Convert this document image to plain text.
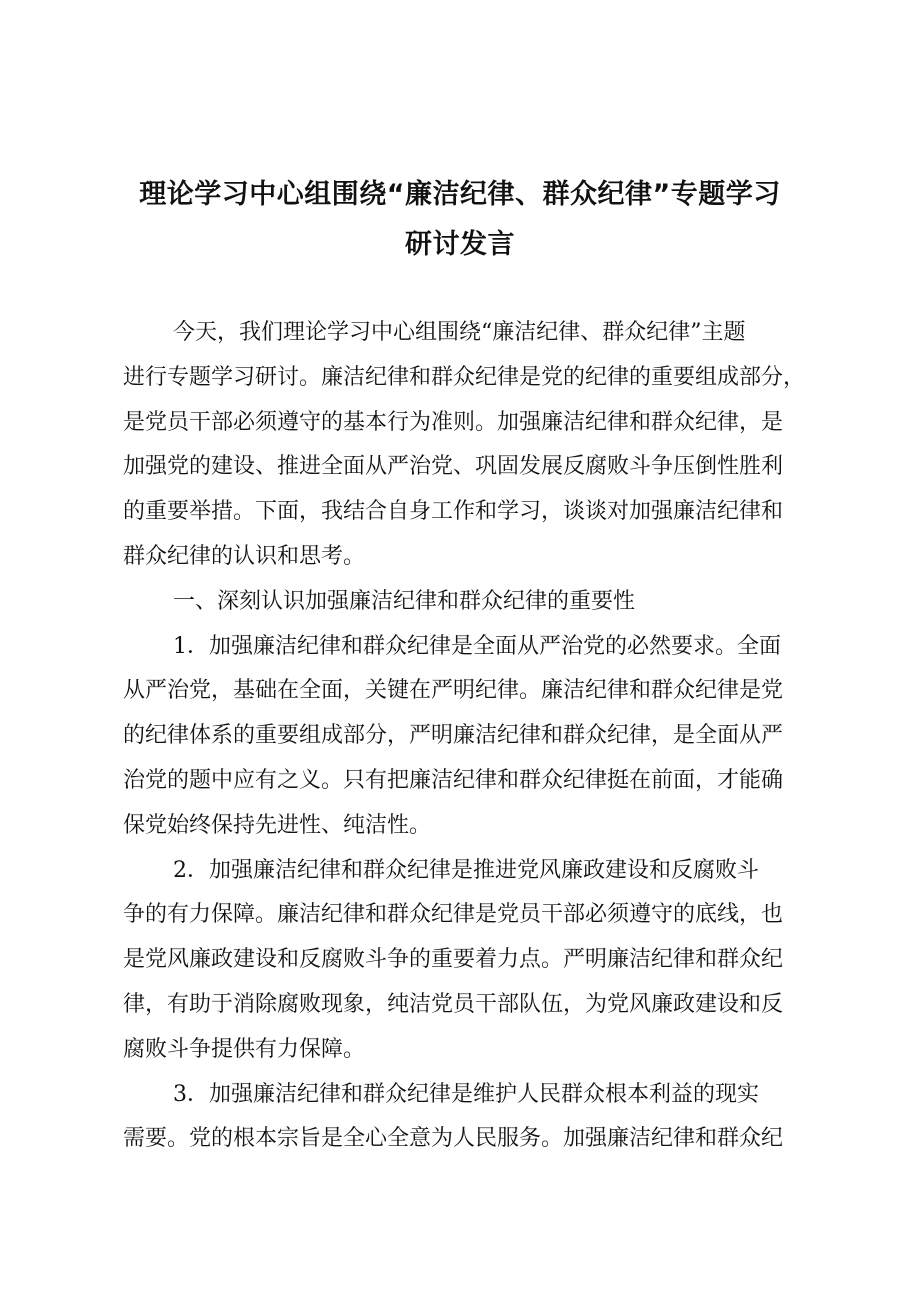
理论学习中心组围绕“廉洁纪律、群众纪律”专题学习
研讨发言
今天，我们理论学习中心组围绕“廉洁纪律、群众纪律”主题
进行专题学习研讨。廉洁纪律和群众纪律是党的纪律的重要组成部分，
是党员干部必须遵守的基本行为准则。加强廉洁纪律和群众纪律，是
加强党的建设、推进全面从严治党、巩固发展反腐败斗争压倒性胜利
的重要举措。下面，我结合自身工作和学习，谈谈对加强廉洁纪律和
群众纪律的认识和思考。
一、深刻认识加强廉洁纪律和群众纪律的重要性
1．加强廉洁纪律和群众纪律是全面从严治党的必然要求。全面
从严治党，基础在全面，关键在严明纪律。廉洁纪律和群众纪律是党
的纪律体系的重要组成部分，严明廉洁纪律和群众纪律，是全面从严
治党的题中应有之义。只有把廉洁纪律和群众纪律挺在前面，才能确
保党始终保持先进性、纯洁性。
2．加强廉洁纪律和群众纪律是推进党风廉政建设和反腐败斗
争的有力保障。廉洁纪律和群众纪律是党员干部必须遵守的底线，也
是党风廉政建设和反腐败斗争的重要着力点。严明廉洁纪律和群众纪
律，有助于消除腐败现象，纯洁党员干部队伍，为党风廉政建设和反
腐败斗争提供有力保障。
3．加强廉洁纪律和群众纪律是维护人民群众根本利益的现实
需要。党的根本宗旨是全心全意为人民服务。加强廉洁纪律和群众纪
